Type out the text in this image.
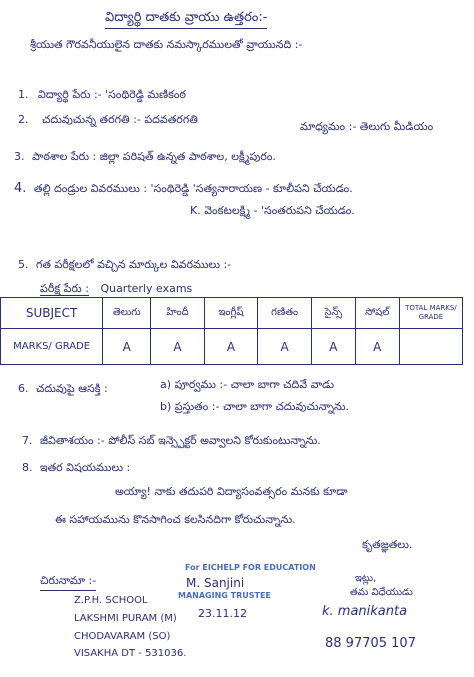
విద్యార్థి దాతకు వ్రాయు ఉత్తరం:-
శ్రీయుత గౌరవనీయులైన దాతకు నమస్కారములతో వ్రాయునది :-
1. విద్యార్థి పేరు :- 'సంథిరెడ్డి మణికంఠ
2. చదువుచున్న తరగతి :- పదవతరగతి
మాధ్యమం :- తెలుగు మీడియం
3. పాఠశాల పేరు : జిల్లా పరిషత్ ఉన్నత పాఠశాల, లక్ష్మీపురం.
4. తల్లి దండ్రుల వివరములు : 'సంథిరెడ్డి 'సత్యనారాయణ - కూలీపని చేయడం.
K. వెంకటలక్ష్మి - 'సంతరుపని చేయడం.
5. గత పరీక్షలలో వచ్చిన మార్కుల వివరములు :-
పరీక్ష పేరు : Quarterly exams
SUBJECT	తెలుగు	హిందీ	ఇంగ్లీష్	గణితం	సైన్స్	సోషల్	TOTAL MARKS/ GRADE
MARKS/ GRADE	A	A	A	A	A	A	
6. చదువుపై ఆసక్తి :	a) పూర్వము :- చాలా బాగా చదివే వాడు
b) ప్రస్తుతం :- చాలా బాగా చదువుచున్నాను.
7. జీవితాశయం :- పోలీస్ సబ్ ఇన్స్పెక్టర్ అవ్వాలని కోరుకుంటున్నాను.
8. ఇతర విషయములు :
అయ్యా! నాకు తదుపరి విద్యాసంవత్సరం మనకు కూడా
ఈ సహాయమును కొనసాగించ కలసినదిగా కోరుచున్నాను.
కృతజ్ఞతలు.
చిరునామా :-
Z.P.H. SCHOOL
LAKSHMI PURAM (M)
CHODAVARAM (SO)
VISAKHA DT - 531036.
For EICHELP FOR EDUCATION
M. Sanjini
MANAGING TRUSTEE
23.11.12
ఇట్లు,
తమ విధేయుడు
k. manikanta
88 97705 107
